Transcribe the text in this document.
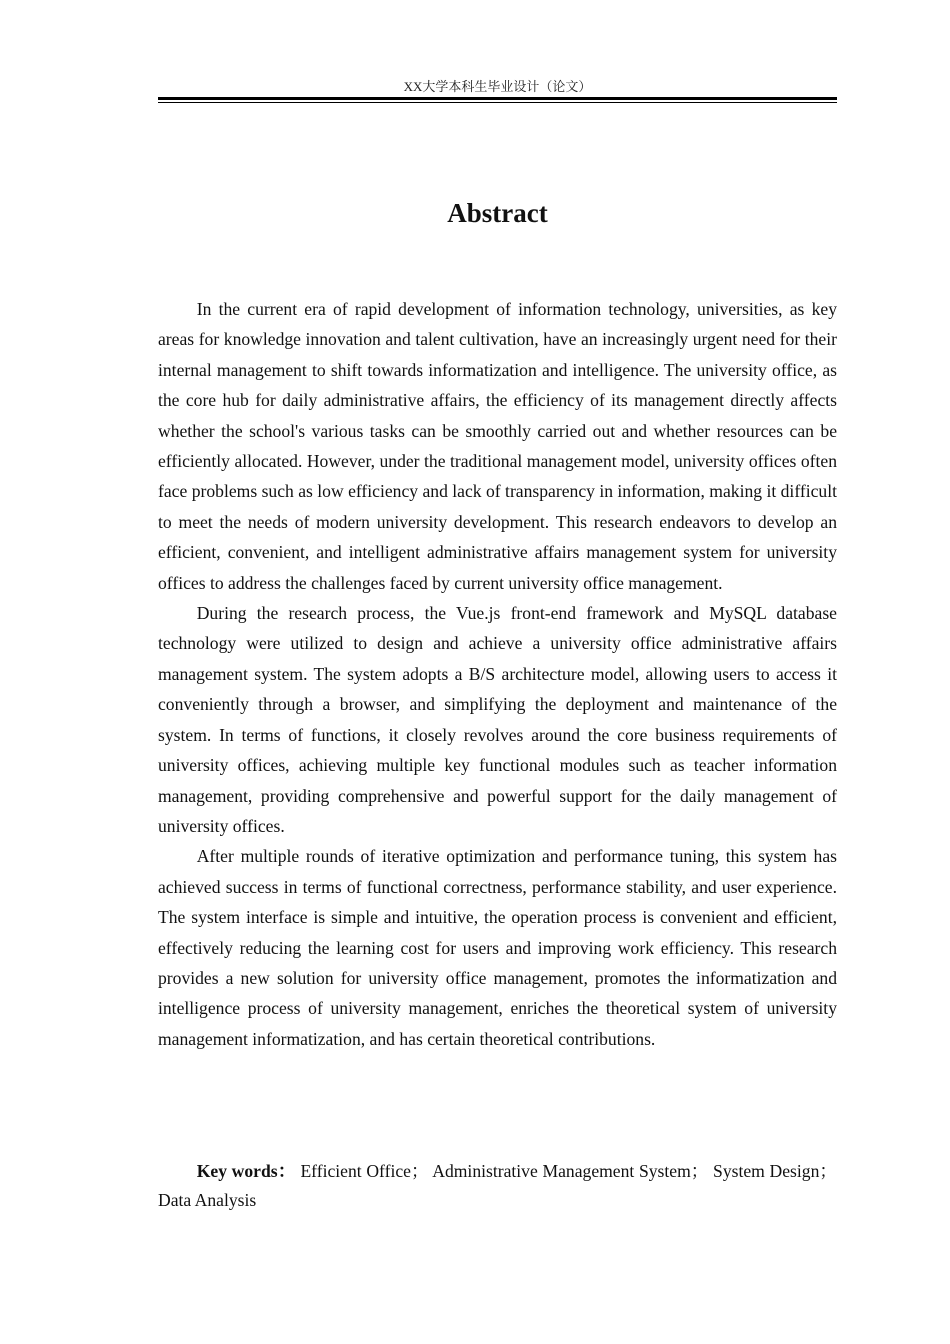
XX大学本科生毕业设计（论文）
Abstract

In the current era of rapid development of information technology, universities, as key areas for knowledge innovation and talent cultivation, have an increasingly urgent need for their internal management to shift towards informatization and intelligence. The university office, as the core hub for daily administrative affairs, the efficiency of its management directly affects whether the school's various tasks can be smoothly carried out and whether resources can be efficiently allocated. However, under the traditional management model, university offices often face problems such as low efficiency and lack of transparency in information, making it difficult to meet the needs of modern university development. This research endeavors to develop an efficient, convenient, and intelligent administrative affairs management system for university offices to address the challenges faced by current university office management.

During the research process, the Vue.js front-end framework and MySQL database technology were utilized to design and achieve a university office administrative affairs management system. The system adopts a B/S architecture model, allowing users to access it conveniently through a browser, and simplifying the deployment and maintenance of the system. In terms of functions, it closely revolves around the core business requirements of university offices, achieving multiple key functional modules such as teacher information management, providing comprehensive and powerful support for the daily management of university offices.

After multiple rounds of iterative optimization and performance tuning, this system has achieved success in terms of functional correctness, performance stability, and user experience. The system interface is simple and intuitive, the operation process is convenient and efficient, effectively reducing the learning cost for users and improving work efficiency. This research provides a new solution for university office management, promotes the informatization and intelligence process of university management, enriches the theoretical system of university management informatization, and has certain theoretical contributions.

Key words： Efficient Office； Administrative Management System； System Design；Data Analysis
